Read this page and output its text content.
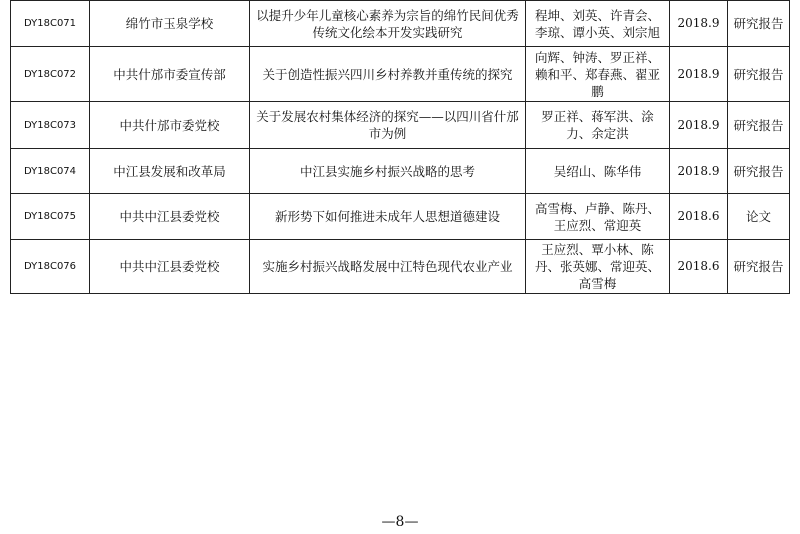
DY18C071	绵竹市玉泉学校	以提升少年儿童核心素养为宗旨的绵竹民间优秀传统文化绘本开发实践研究	程坤、刘英、许青会、李琼、谭小英、刘宗旭	2018.9	研究报告
DY18C072	中共什邡市委宣传部	关于创造性振兴四川乡村养教并重传统的探究	向辉、钟涛、罗正祥、赖和平、郑春燕、翟亚鹏	2018.9	研究报告
DY18C073	中共什邡市委党校	关于发展农村集体经济的探究——以四川省什邡市为例	罗正祥、蒋军洪、涂力、余定洪	2018.9	研究报告
DY18C074	中江县发展和改革局	中江县实施乡村振兴战略的思考	吴绍山、陈华伟	2018.9	研究报告
DY18C075	中共中江县委党校	新形势下如何推进未成年人思想道德建设	高雪梅、卢静、陈丹、王应烈、常迎英	2018.6	论文
DY18C076	中共中江县委党校	实施乡村振兴战略发展中江特色现代农业产业	王应烈、覃小林、陈丹、张英娜、常迎英、高雪梅	2018.6	研究报告
—8—
